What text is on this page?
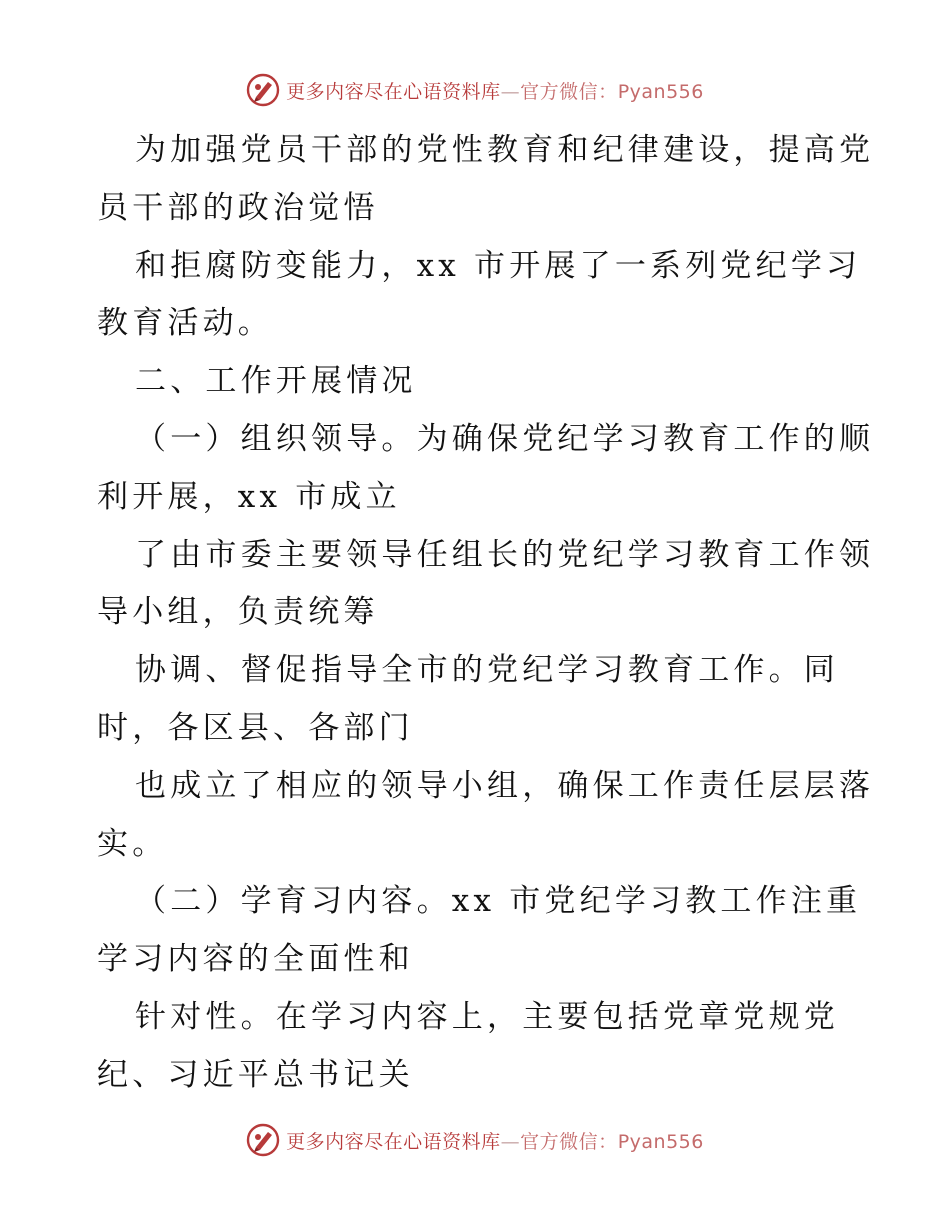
更多内容尽在心语资料库—官方微信：Pyan556
为加强党员干部的党性教育和纪律建设，提高党
员干部的政治觉悟
和拒腐防变能力，xx 市开展了一系列党纪学习
教育活动。
二、工作开展情况
（一）组织领导。为确保党纪学习教育工作的顺
利开展，xx 市成立
了由市委主要领导任组长的党纪学习教育工作领
导小组，负责统筹
协调、督促指导全市的党纪学习教育工作。同
时，各区县、各部门
也成立了相应的领导小组，确保工作责任层层落
实。
（二）学育习内容。xx 市党纪学习教工作注重
学习内容的全面性和
针对性。在学习内容上，主要包括党章党规党
纪、习近平总书记关
更多内容尽在心语资料库—官方微信：Pyan556
